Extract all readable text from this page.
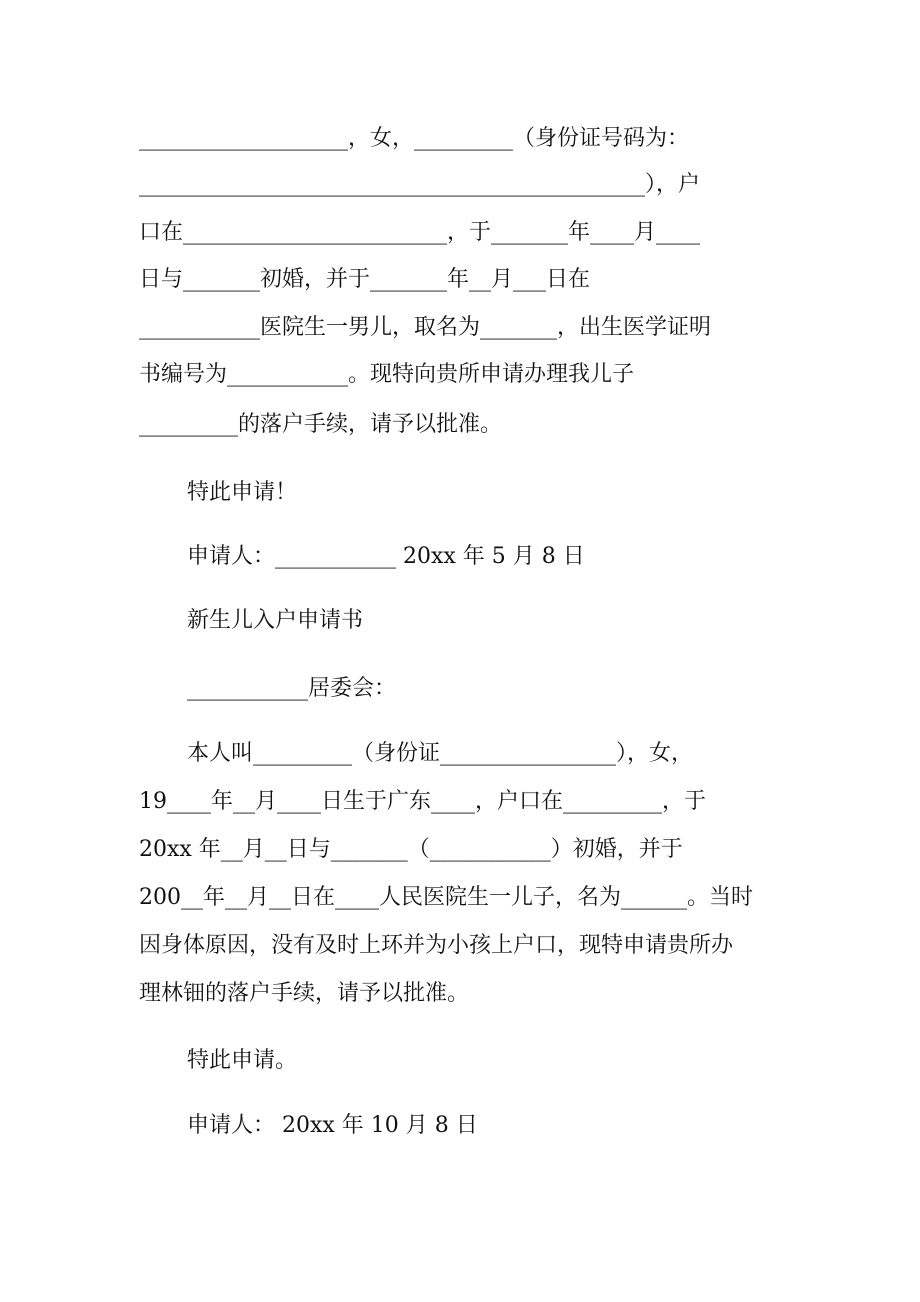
___________________，女，_________（身份证号码为：
______________________________________________），户
口在________________________，于_______年____月____
日与_______初婚，并于_______年__月___日在
___________医院生一男儿，取名为_______，出生医学证明
书编号为___________。现特向贵所申请办理我儿子
_________的落户手续，请予以批准。
特此申请！
申请人：___________ 20xx 年 5 月 8 日
新生儿入户申请书
___________居委会：
本人叫_________（身份证________________），女，
19____年__月____日生于广东____，户口在_________，于
20xx 年__月__日与_______（___________）初婚，并于
200__年__月__日在____人民医院生一儿子，名为______。当时
因身体原因，没有及时上环并为小孩上户口，现特申请贵所办
理林钿的落户手续，请予以批准。
特此申请。
申请人： 20xx 年 10 月 8 日
